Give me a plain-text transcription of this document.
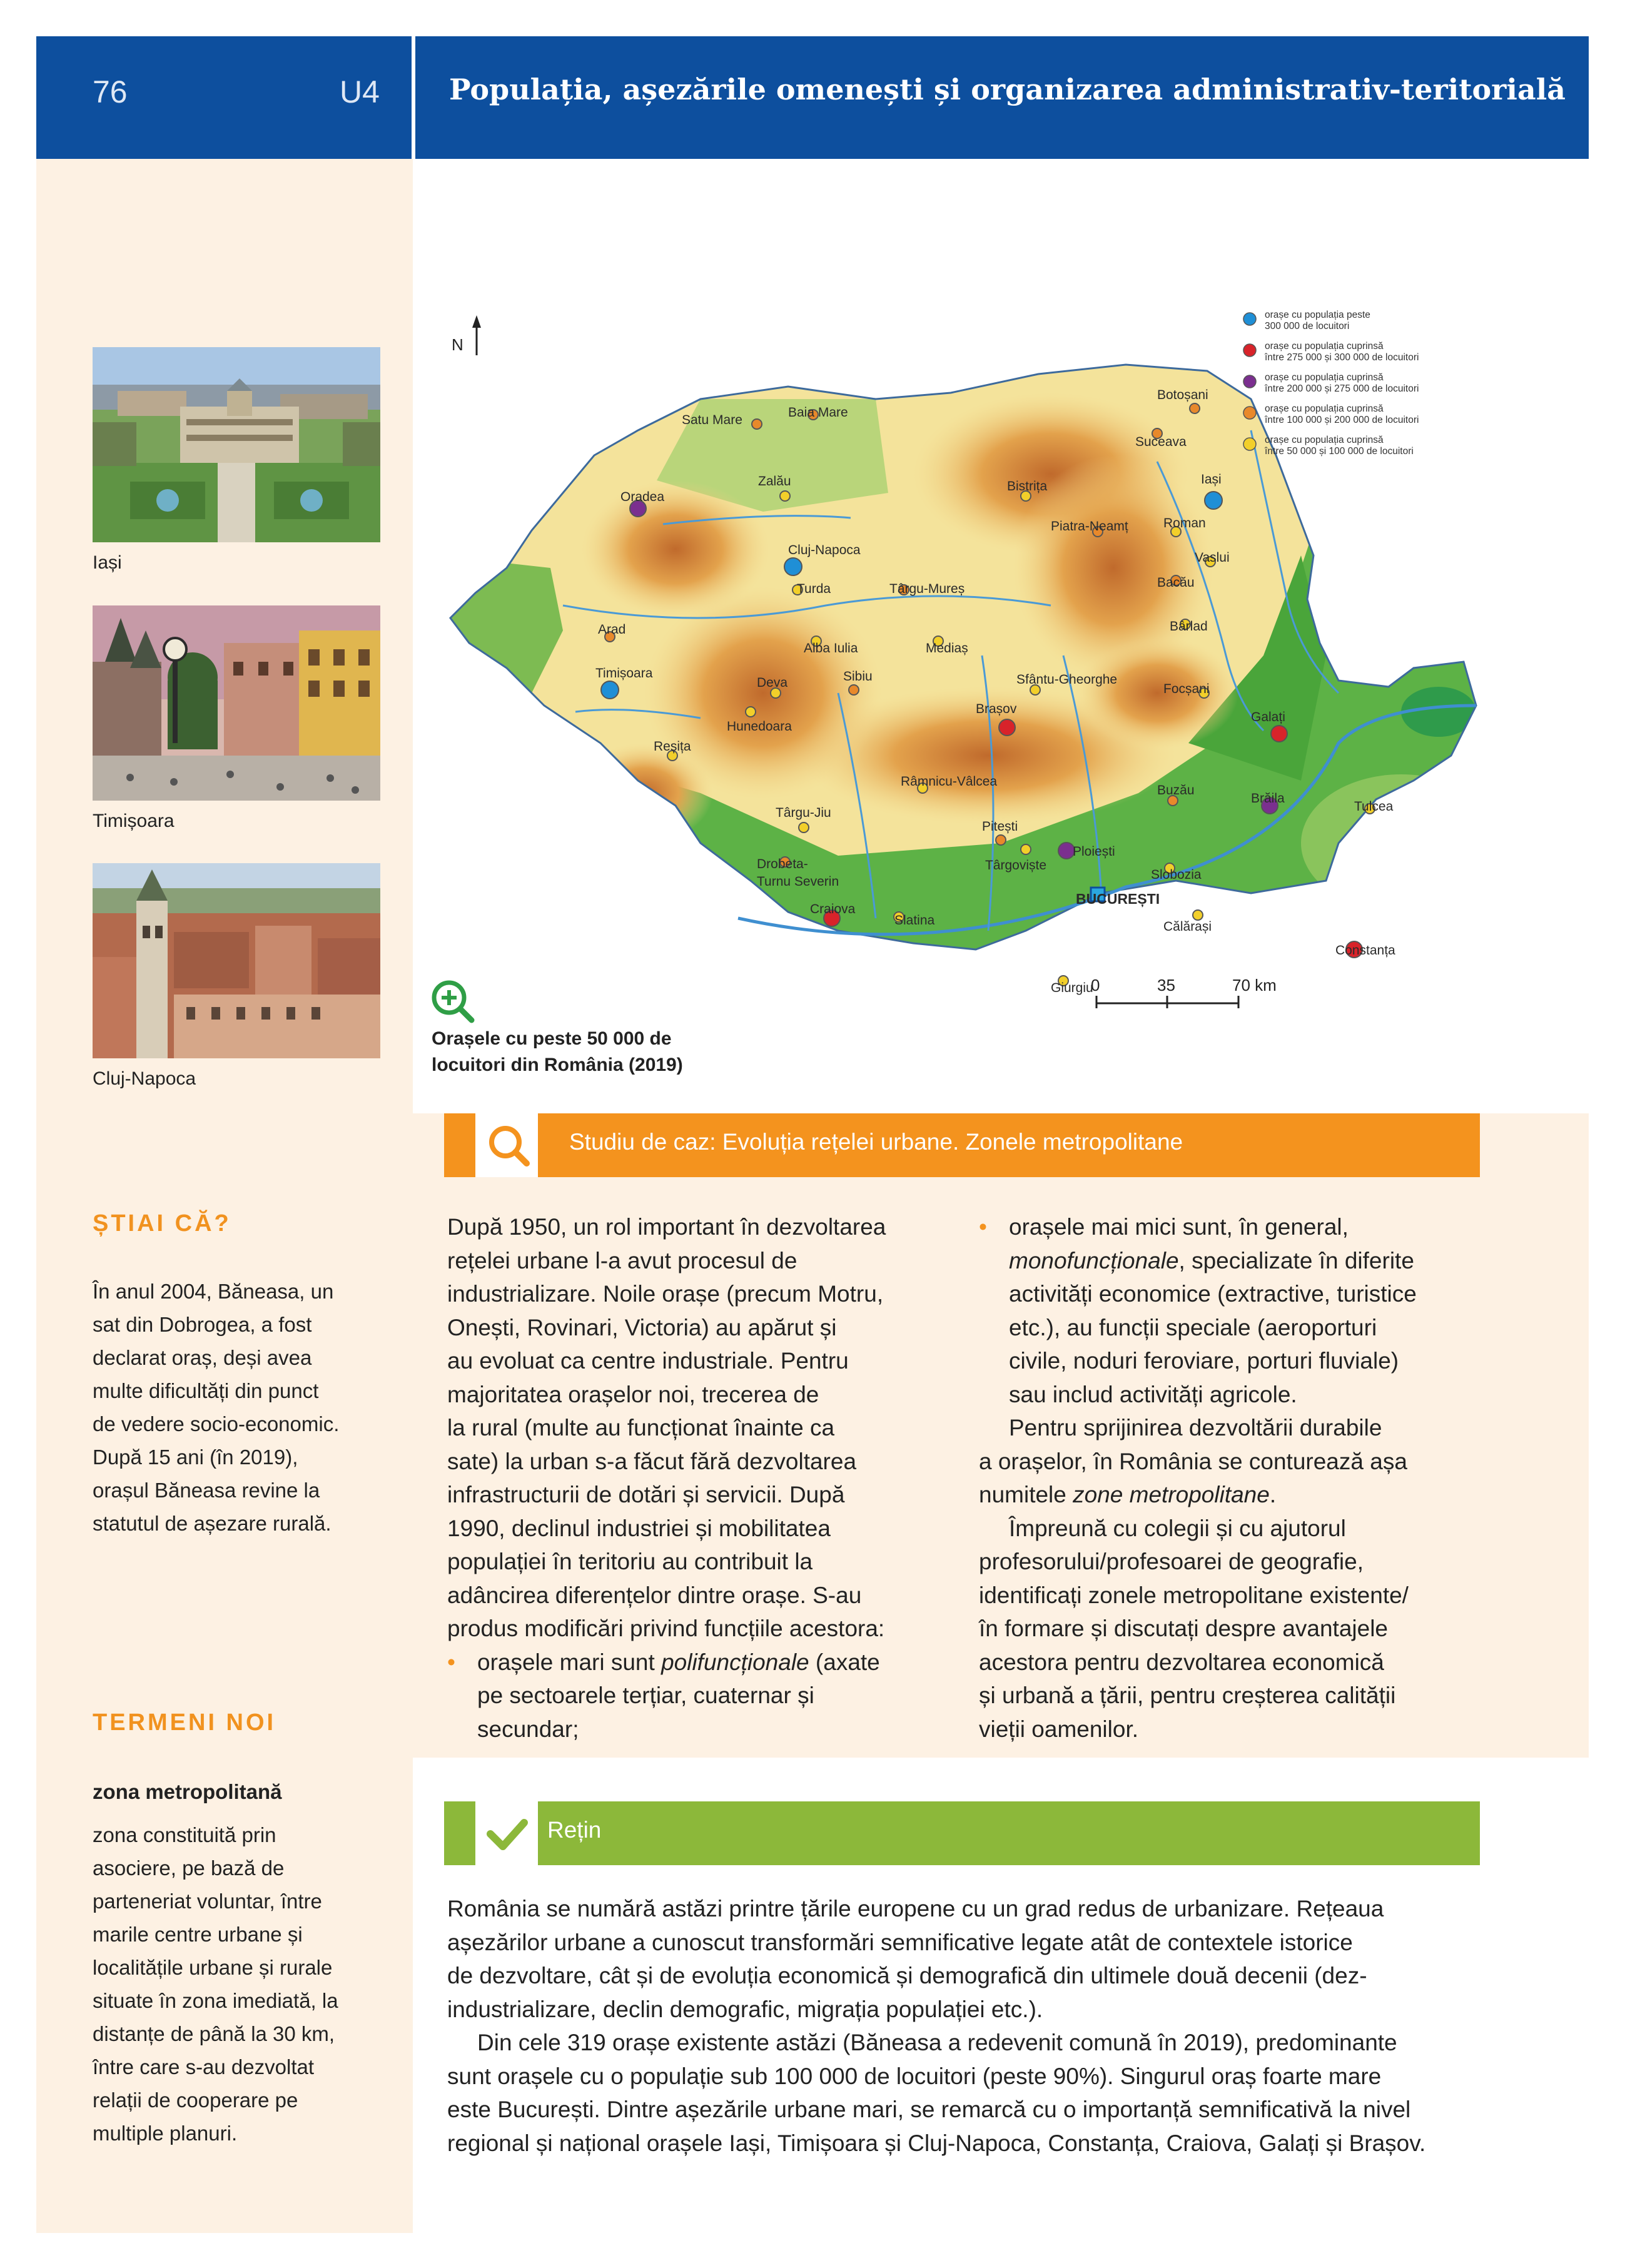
76	U4 Populația, așezările omenești și organizarea administrativ-teritorială
Iași
Timișoara
Cluj-Napoca
ȘTIAI CĂ?
În anul 2004, Băneasa, un
sat din Dobrogea, a fost
declarat oraș, deși avea
multe dificultăți din punct
de vedere socio-economic.
După 15 ani (în 2019),
orașul Băneasa revine la
statutul de așezare rurală.
TERMENI NOI
zona metropolitană
zona constituită prin
asociere, pe bază de
parteneriat voluntar, între
marile centre urbane și
localitățile urbane și rurale
situate în zona imediată, la
distanțe de până la 30 km,
între care s-au dezvoltat
relații de cooperare pe
multiple planuri.
N
0	35	70 km
Satu Mare
Baia Mare
Botoșani
Suceava
Zalău
Oradea
Bistrița	Iași
Piatra-Neamț	Roman
Cluj-Napoca
Turda	Târgu-Mureș
Vaslui
Bacău
Arad
Alba Iulia	Mediaș
Bârlad
Timișoara
Deva	Sibiu	Sfântu-Gheorghe
Hunedoara
Brașov
Focșani
Galați
Reșița
Brăila
Buzău
Tulcea
Râmnicu-Vâlcea
Târgu-Jiu
Pitești
Ploiești
Târgoviște
Drobeta-
Turnu Severin	Slobozia
BUCUREȘTI
Craiova
Slatina	Călărași
Constanța
Giurgiu
orașe cu populația peste
300 000 de locuitori
orașe cu populația cuprinsă
între 275 000 și 300 000 de locuitori
orașe cu populația cuprinsă
între 200 000 și 275 000 de locuitori
orașe cu populația cuprinsă
între 100 000 și 200 000 de locuitori
orașe cu populația cuprinsă
între 50 000 și 100 000 de locuitori
Orașele cu peste 50 000 de
locuitori din România (2019)
Studiu de caz: Evoluția rețelei urbane. Zonele metropolitane
După 1950, un rol important în dezvoltarea
rețelei urbane l-a avut procesul de
industrializare. Noile orașe (precum Motru,
Onești, Rovinari, Victoria) au apărut și
au evoluat ca centre industriale. Pentru
majoritatea orașelor noi, trecerea de
la rural (multe au funcționat înainte ca
sate) la urban s-a făcut fără dezvoltarea
infrastructurii de dotări și servicii. După
1990, declinul industriei și mobilitatea
populației în teritoriu au contribuit la
adâncirea diferențelor dintre orașe. S-au
produs modificări privind funcțiile acestora:
• orașele mari sunt polifuncționale (axate
pe sectoarele terțiar, cuaternar și
secundar;
• orașele mai mici sunt, în general,
monofuncționale, specializate în diferite
activități economice (extractive, turistice
etc.), au funcții speciale (aeroporturi
civile, noduri feroviare, porturi fluviale)
sau includ activități agricole.
Pentru sprijinirea dezvoltării durabile
a orașelor, în România se conturează așa
numitele zone metropolitane.
Împreună cu colegii și cu ajutorul
profesorului/profesoarei de geografie,
identificați zonele metropolitane existente/
în formare și discutați despre avantajele
acestora pentru dezvoltarea economică
și urbană a țării, pentru creșterea calității
vieții oamenilor.
Rețin
România se numără astăzi printre țările europene cu un grad redus de urbanizare. Rețeaua
așezărilor urbane a cunoscut transformări semnificative legate atât de contextele istorice
de dezvoltare, cât și de evoluția economică și demografică din ultimele două decenii (dez-
industrializare, declin demografic, migrația populației etc.).
Din cele 319 orașe existente astăzi (Băneasa a redevenit comună în 2019), predominante
sunt orașele cu o populație sub 100 000 de locuitori (peste 90%). Singurul oraș foarte mare
este București. Dintre așezările urbane mari, se remarcă cu o importanță semnificativă la nivel
regional și național orașele Iași, Timișoara și Cluj-Napoca, Constanța, Craiova, Galați și Brașov.
